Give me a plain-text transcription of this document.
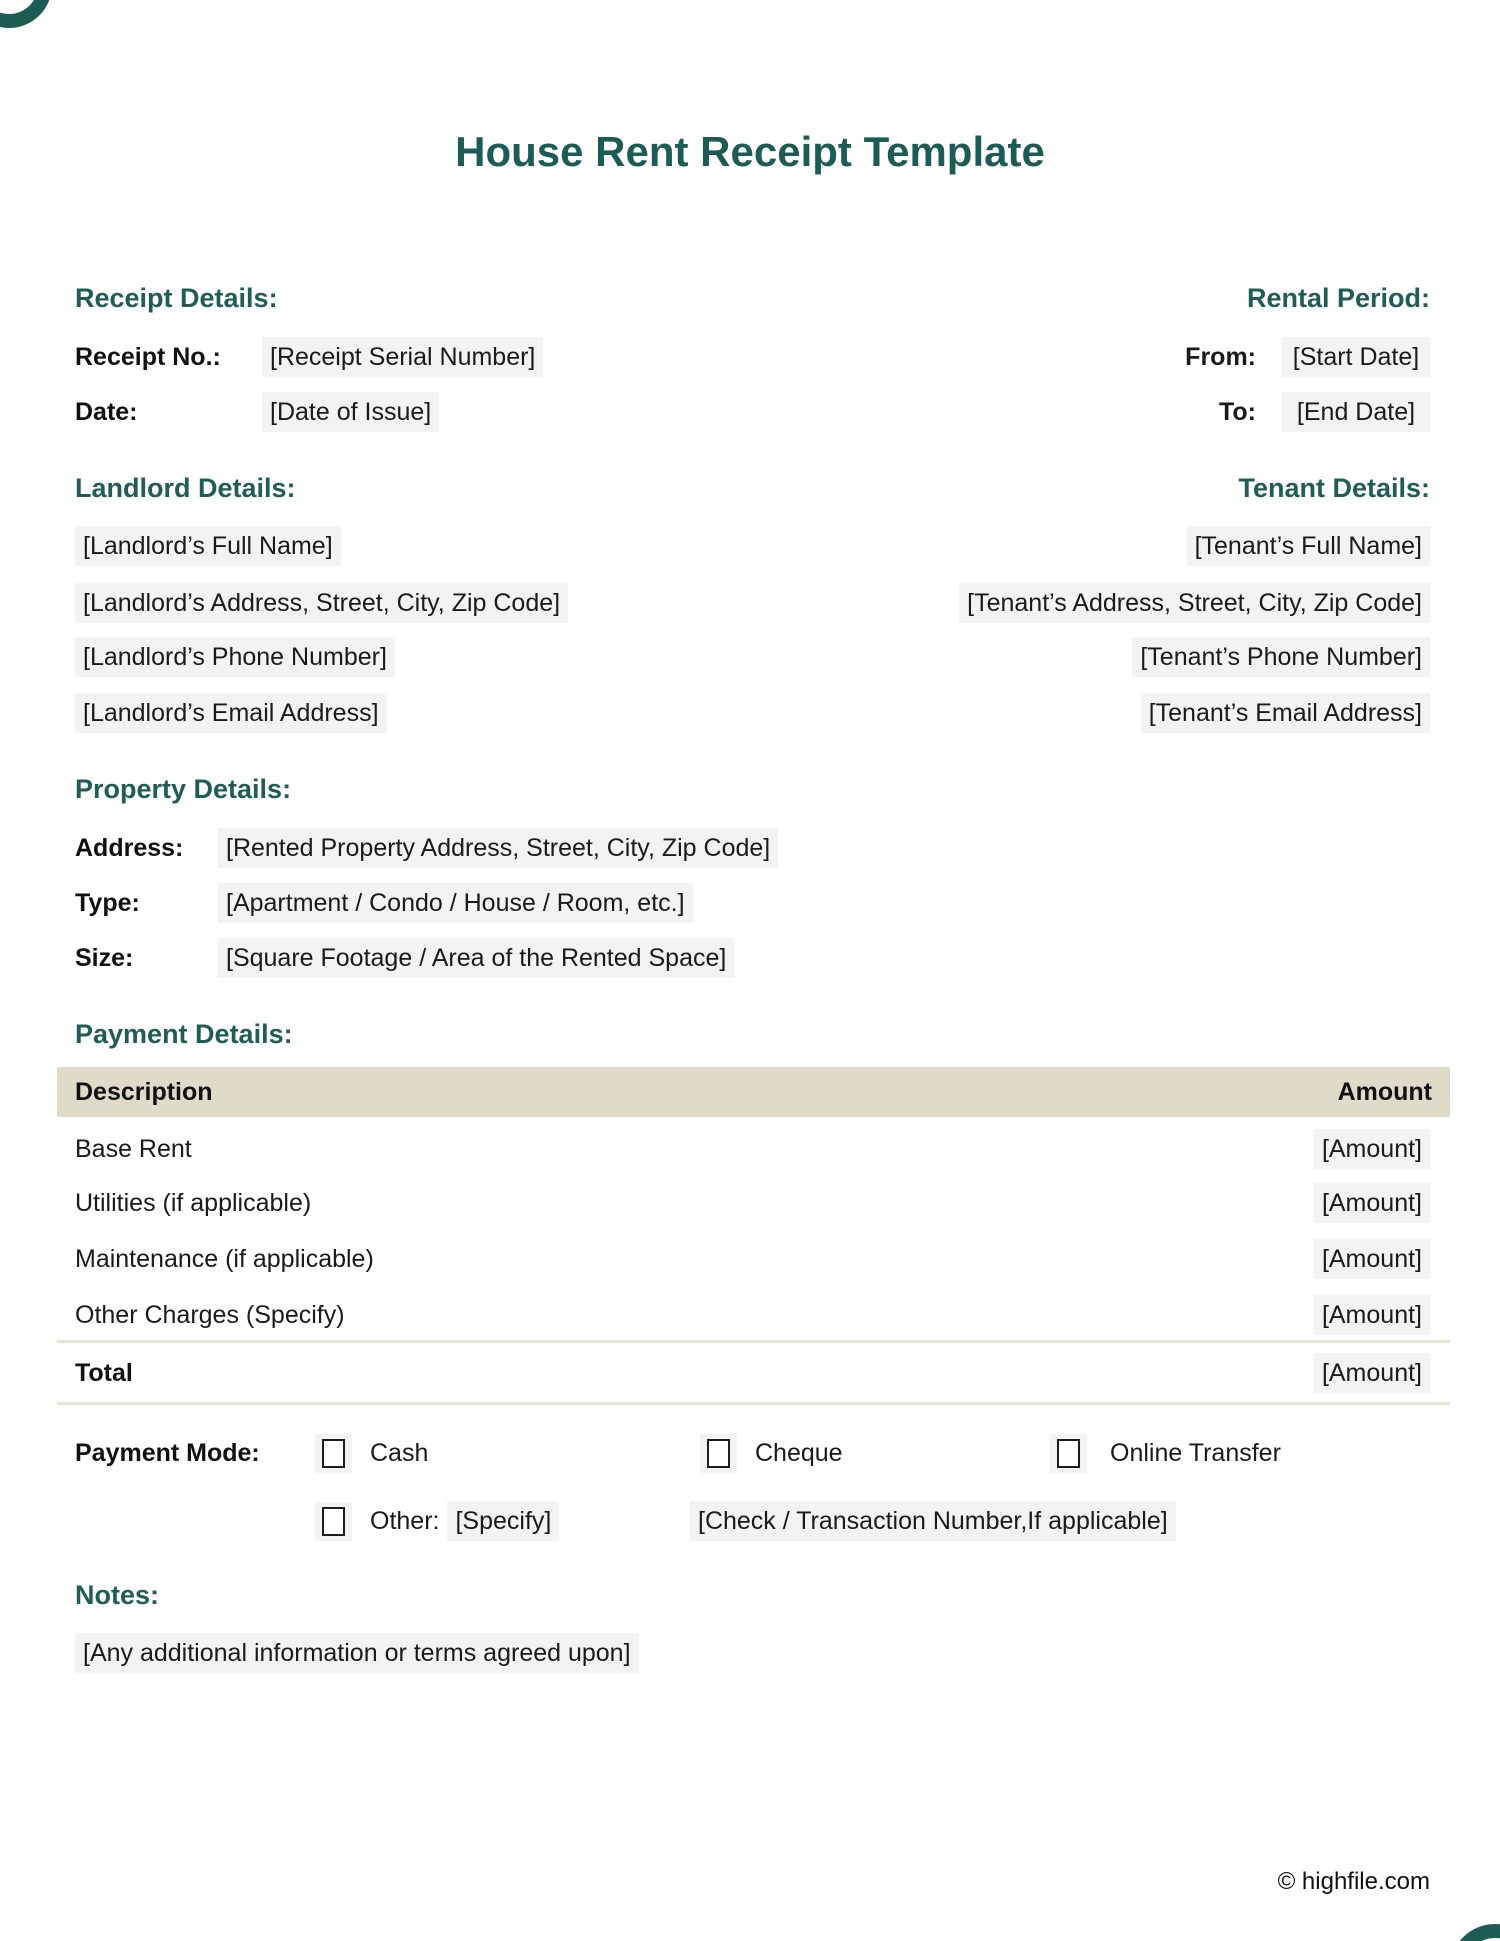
House Rent Receipt Template
Receipt Details:	Rental Period:
Receipt No.:	[Receipt Serial Number]	From:	[Start Date]
Date:	[Date of Issue]	To:	[End Date]
Landlord Details:	Tenant Details:
[Landlord’s Full Name]	[Tenant’s Full Name]
[Landlord’s Address, Street, City, Zip Code]	[Tenant’s Address, Street, City, Zip Code]
[Landlord’s Phone Number]	[Tenant’s Phone Number]
[Landlord’s Email Address]	[Tenant’s Email Address]
Property Details:
Address:	[Rented Property Address, Street, City, Zip Code]
Type:	[Apartment / Condo / House / Room, etc.]
Size:	[Square Footage / Area of the Rented Space]
Payment Details:
Description	Amount
Base Rent	[Amount]
Utilities (if applicable)	[Amount]
Maintenance (if applicable)	[Amount]
Other Charges (Specify)	[Amount]
Total	[Amount]
Payment Mode:	Cash	Cheque	Online Transfer
Other: [Specify]	[Check / Transaction Number,If applicable]
Notes:
[Any additional information or terms agreed upon]
© highfile.com
